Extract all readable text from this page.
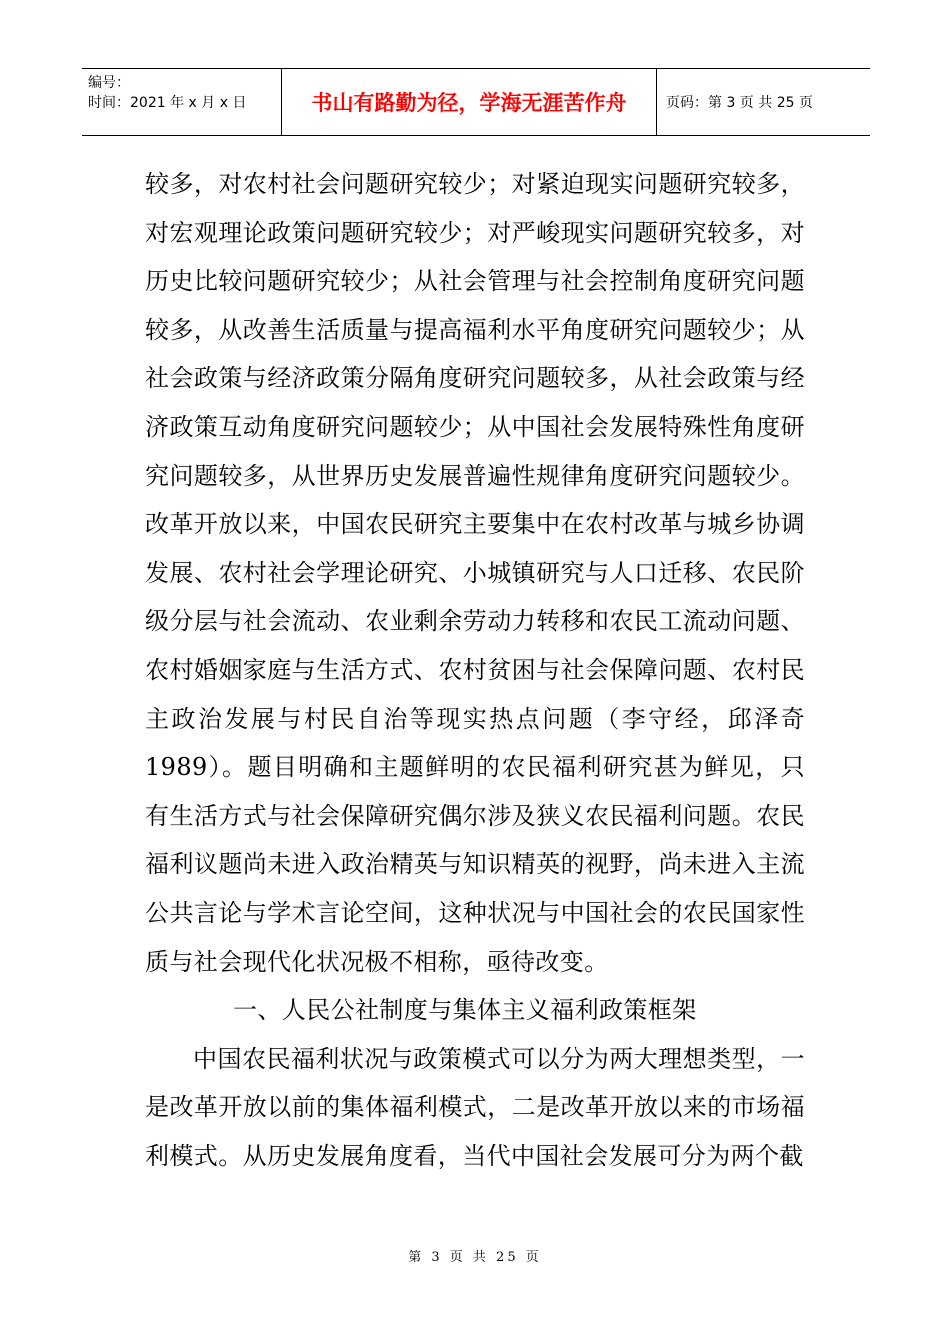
编号：
时间：2021 年 x 月 x 日	书山有路勤为径，学海无涯苦作舟	页码：第 3 页 共 25 页

较多，对农村社会问题研究较少；对紧迫现实问题研究较多，对宏观理论政策问题研究较少；对严峻现实问题研究较多，对历史比较问题研究较少；从社会管理与社会控制角度研究问题较多，从改善生活质量与提高福利水平角度研究问题较少；从社会政策与经济政策分隔角度研究问题较多，从社会政策与经济政策互动角度研究问题较少；从中国社会发展特殊性角度研究问题较多，从世界历史发展普遍性规律角度研究问题较少。改革开放以来，中国农民研究主要集中在农村改革与城乡协调发展、农村社会学理论研究、小城镇研究与人口迁移、农民阶级分层与社会流动、农业剩余劳动力转移和农民工流动问题、农村婚姻家庭与生活方式、农村贫困与社会保障问题、农村民主政治发展与村民自治等现实热点问题（李守经，邱泽奇 1989）。题目明确和主题鲜明的农民福利研究甚为鲜见，只有生活方式与社会保障研究偶尔涉及狭义农民福利问题。农民福利议题尚未进入政治精英与知识精英的视野，尚未进入主流公共言论与学术言论空间，这种状况与中国社会的农民国家性质与社会现代化状况极不相称，亟待改变。

一、人民公社制度与集体主义福利政策框架

中国农民福利状况与政策模式可以分为两大理想类型，一是改革开放以前的集体福利模式，二是改革开放以来的市场福利模式。从历史发展角度看，当代中国社会发展可分为两个截

第 3 页 共 25 页
